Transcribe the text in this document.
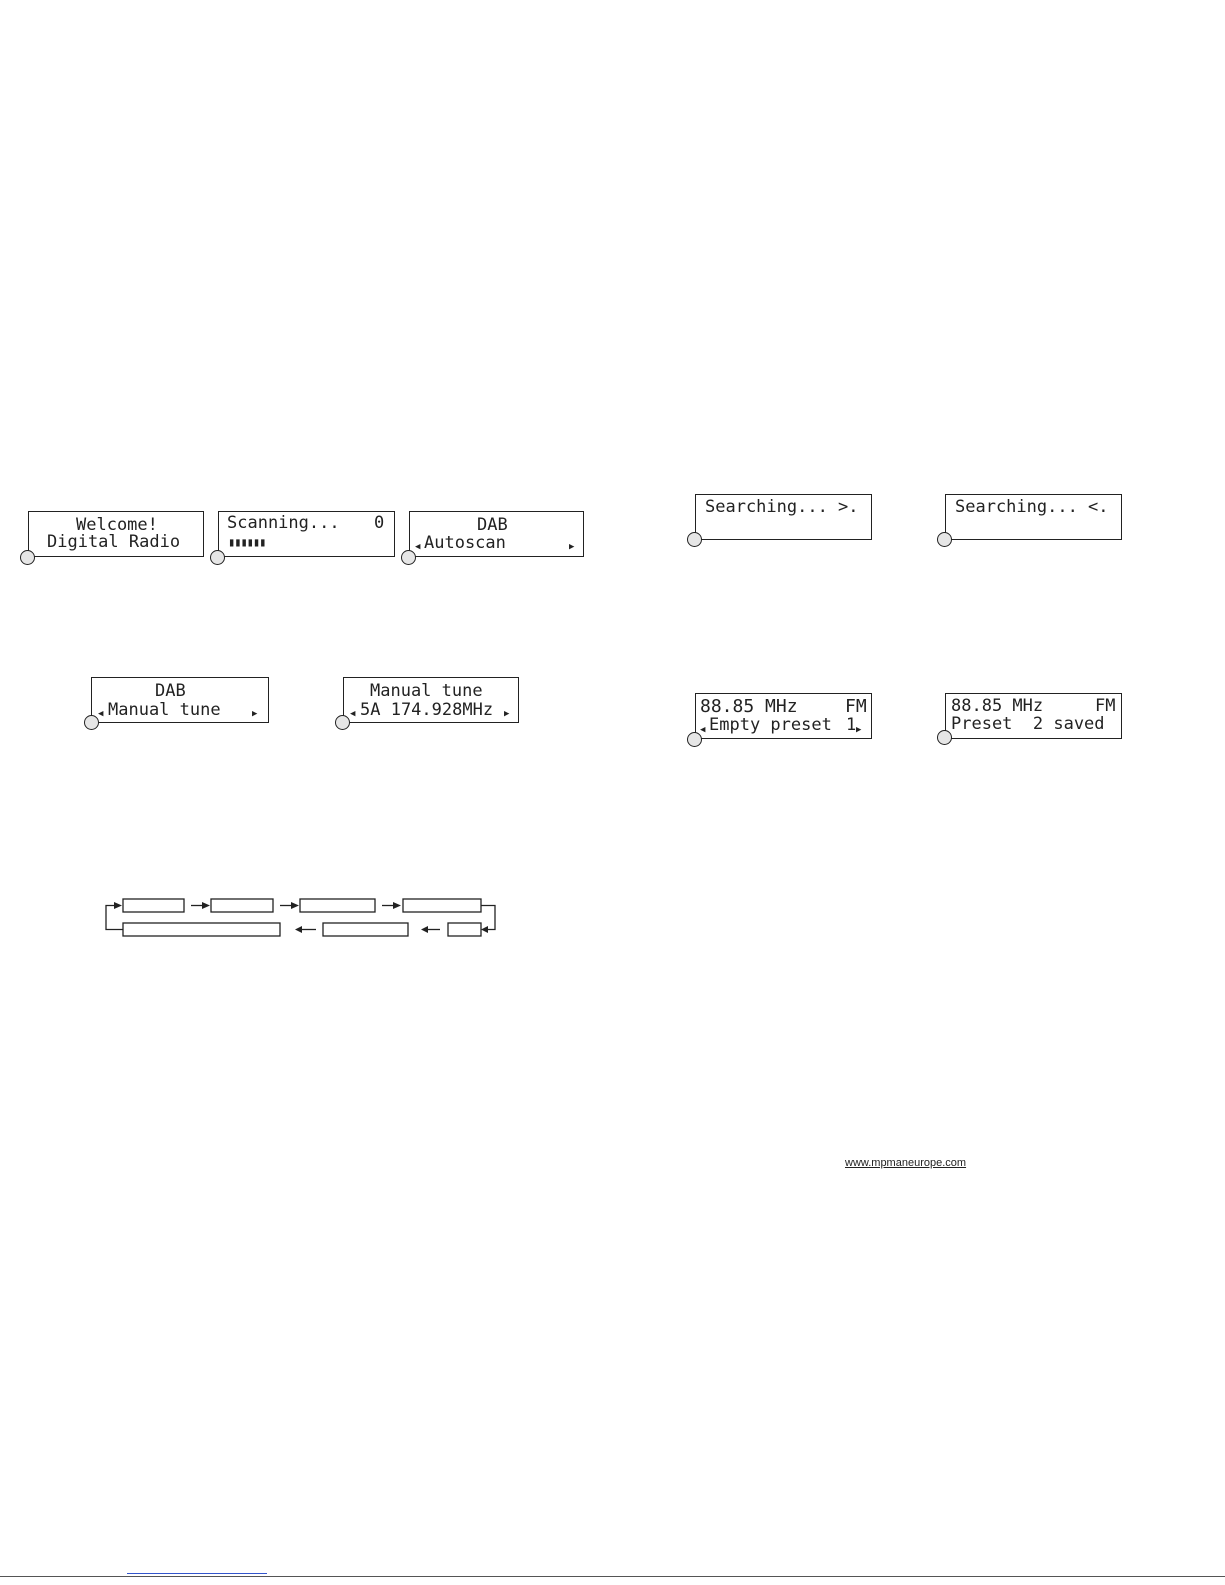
Welcome!
Digital Radio
Scanning... 0
▮▮▮▮▮▮
DAB
◀ Autoscan	▶
DAB
◀ Manual tune	▶
Manual tune
◀ 5A 174.928MHz ▶
Searching... >.	Searching... <.
88.85 MHz	FM
◀ Empty preset 1 ▶
88.85 MHz	FM
Preset  2 saved
www.mpmaneurope.com
